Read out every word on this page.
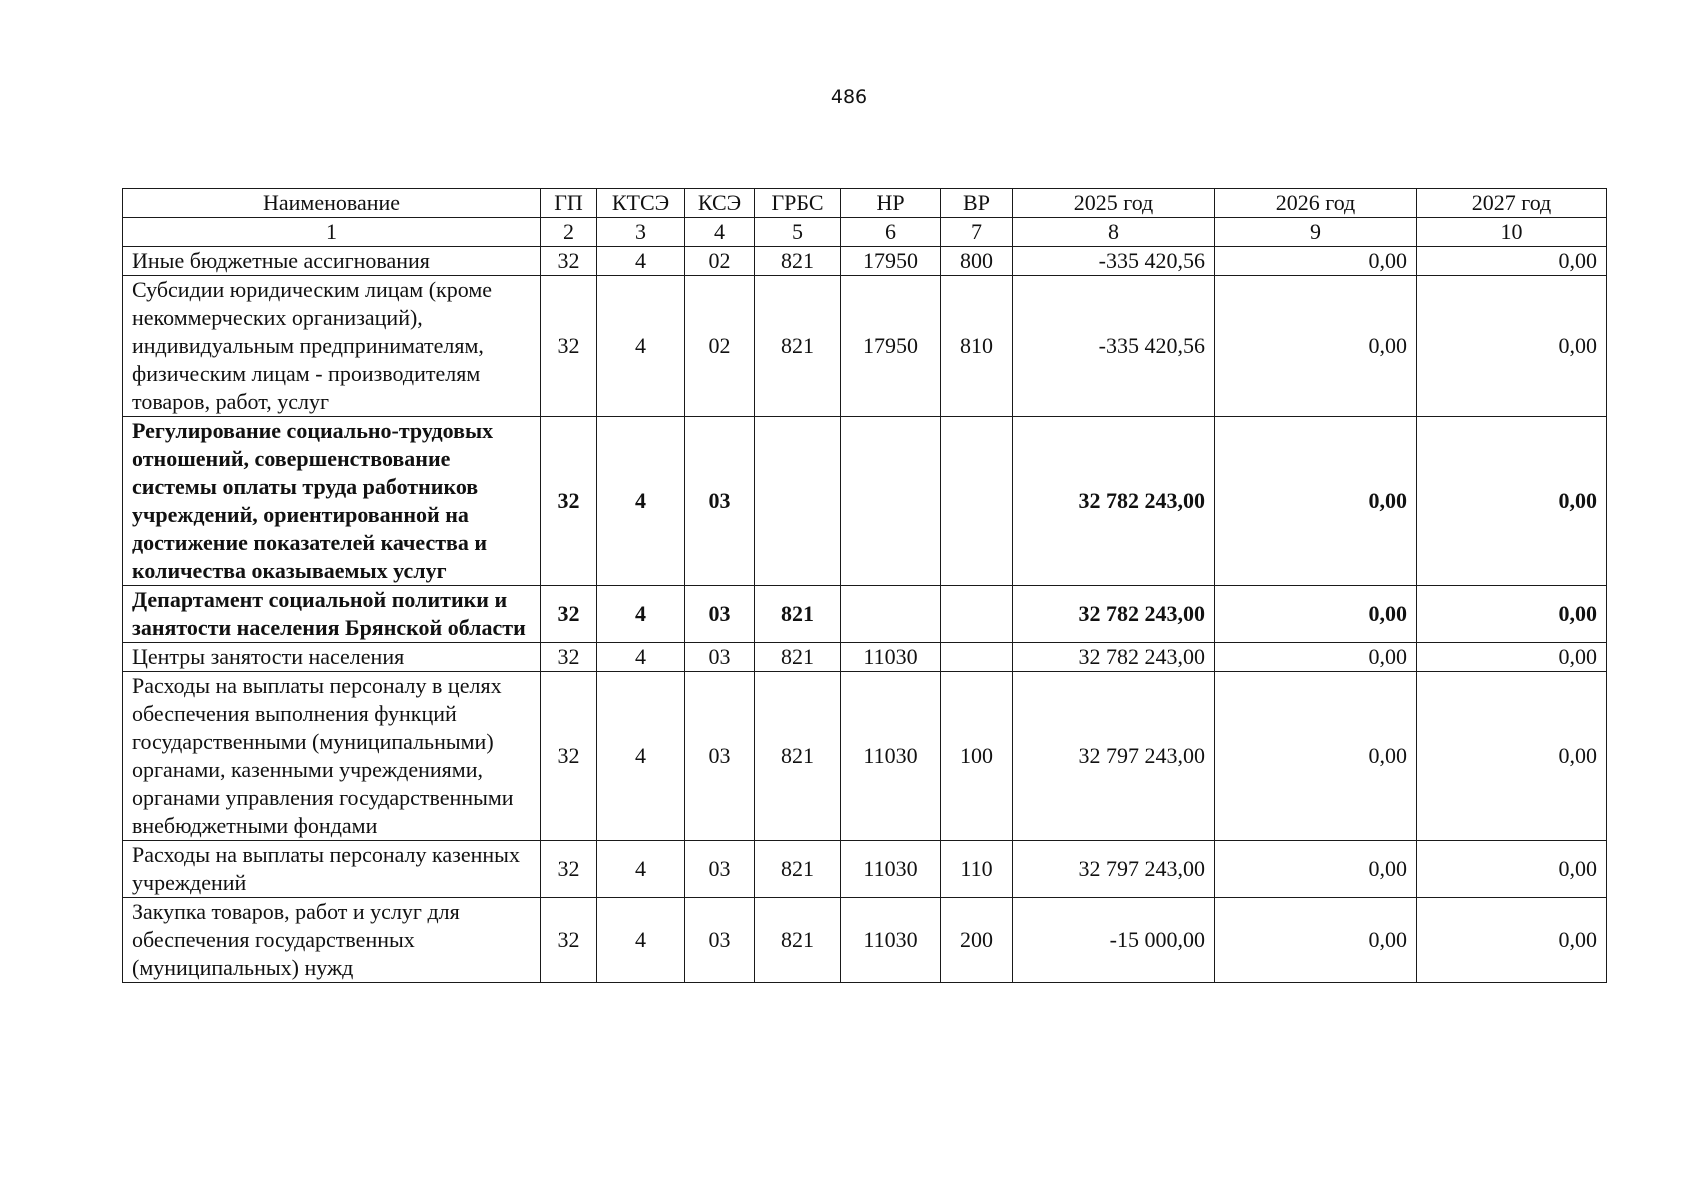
486
Наименование	ГП	КТСЭ	КСЭ	ГРБС	НР	ВР	2025 год	2026 год	2027 год
1	2	3	4	5	6	7	8	9	10
Иные бюджетные ассигнования	32	4	02	821	17950	800	-335 420,56	0,00	0,00
Субсидии юридическим лицам (кроме некоммерческих организаций), индивидуальным предпринимателям, физическим лицам - производителям товаров, работ, услуг	32	4	02	821	17950	810	-335 420,56	0,00	0,00
Регулирование социально-трудовых отношений, совершенствование системы оплаты труда работников учреждений, ориентированной на достижение показателей качества и количества оказываемых услуг	32	4	03				32 782 243,00	0,00	0,00
Департамент социальной политики и занятости населения Брянской области	32	4	03	821			32 782 243,00	0,00	0,00
Центры занятости населения	32	4	03	821	11030		32 782 243,00	0,00	0,00
Расходы на выплаты персоналу в целях обеспечения выполнения функций государственными (муниципальными) органами, казенными учреждениями, органами управления государственными внебюджетными фондами	32	4	03	821	11030	100	32 797 243,00	0,00	0,00
Расходы на выплаты персоналу казенных учреждений	32	4	03	821	11030	110	32 797 243,00	0,00	0,00
Закупка товаров, работ и услуг для обеспечения государственных (муниципальных) нужд	32	4	03	821	11030	200	-15 000,00	0,00	0,00
